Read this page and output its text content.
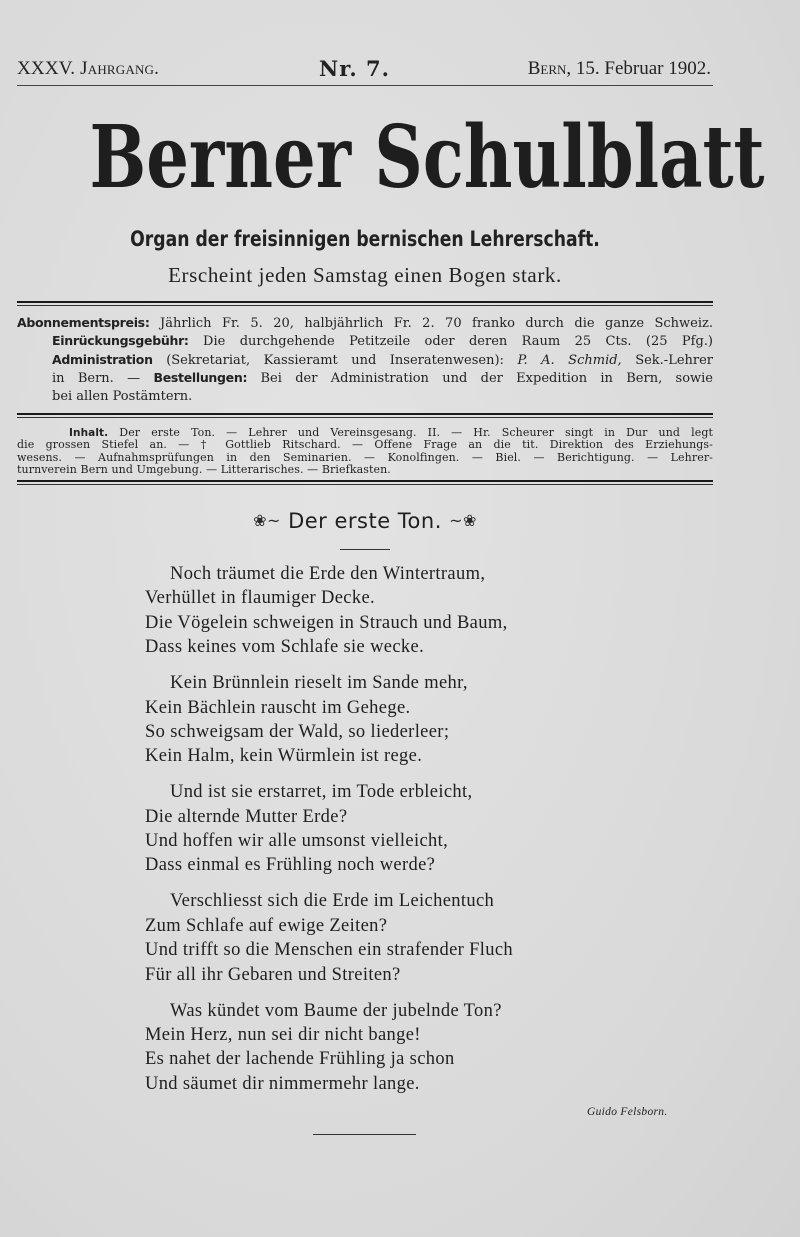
XXXV. Jahrgang.	Nr. 7.	Bern, 15. Februar 1902.
Berner Schulblatt
Organ der freisinnigen bernischen Lehrerschaft.
Erscheint jeden Samstag einen Bogen stark.
Abonnementspreis: Jährlich Fr. 5. 20, halbjährlich Fr. 2. 70 franko durch die ganze Schweiz.
Einrückungsgebühr: Die durchgehende Petitzeile oder deren Raum 25 Cts. (25 Pfg.)
Administration (Sekretariat, Kassieramt und Inseratenwesen): P. A. Schmid, Sek.-Lehrer
in Bern. — Bestellungen: Bei der Administration und der Expedition in Bern, sowie
bei allen Postämtern.
Inhalt. Der erste Ton. — Lehrer und Vereinsgesang. II. — Hr. Scheurer singt in Dur und legt
die grossen Stiefel an. — † Gottlieb Ritschard. — Offene Frage an die tit. Direktion des Erziehungs-
wesens. — Aufnahmsprüfungen in den Seminarien. — Konolfingen. — Biel. — Berichtigung. — Lehrer-
turnverein Bern und Umgebung. — Litterarisches. — Briefkasten.
❀~ Der erste Ton. ~❀
Noch träumet die Erde den Wintertraum,
Verhüllet in flaumiger Decke.
Die Vögelein schweigen in Strauch und Baum,
Dass keines vom Schlafe sie wecke.
Kein Brünnlein rieselt im Sande mehr,
Kein Bächlein rauscht im Gehege.
So schweigsam der Wald, so liederleer;
Kein Halm, kein Würmlein ist rege.
Und ist sie erstarret, im Tode erbleicht,
Die alternde Mutter Erde?
Und hoffen wir alle umsonst vielleicht,
Dass einmal es Frühling noch werde?
Verschliesst sich die Erde im Leichentuch
Zum Schlafe auf ewige Zeiten?
Und trifft so die Menschen ein strafender Fluch
Für all ihr Gebaren und Streiten?
Was kündet vom Baume der jubelnde Ton?
Mein Herz, nun sei dir nicht bange!
Es nahet der lachende Frühling ja schon
Und säumet dir nimmermehr lange.
Guido Felsborn.
